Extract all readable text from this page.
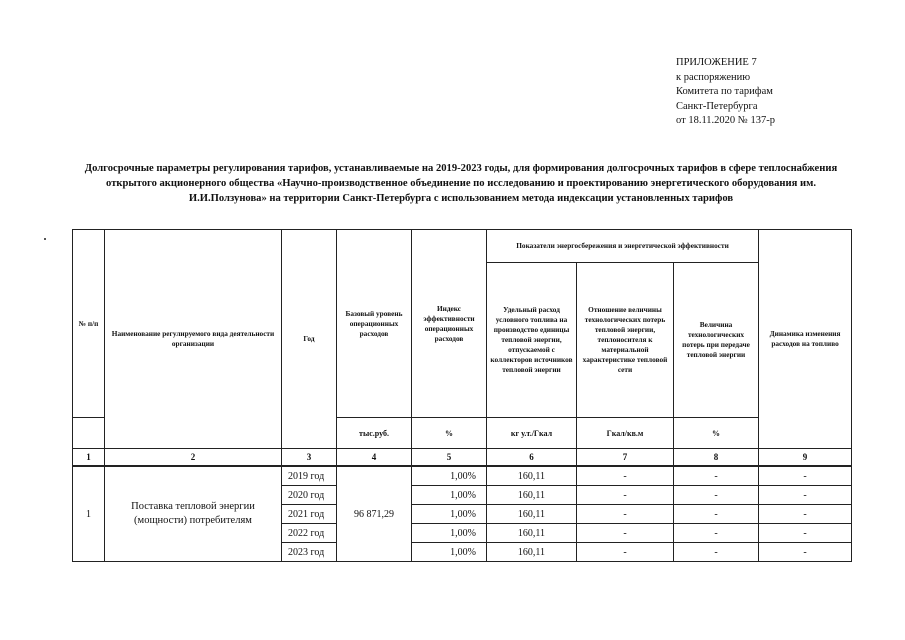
ПРИЛОЖЕНИЕ 7
к распоряжению
Комитета по тарифам
Санкт-Петербурга
от 18.11.2020 № 137-р
Долгосрочные параметры регулирования тарифов, устанавливаемые на 2019-2023 годы, для формирования долгосрочных тарифов в сфере теплоснабжения открытого акционерного общества «Научно-производственное объединение по исследованию и проектированию энергетического оборудования им. И.И.Ползунова» на территории Санкт-Петербурга с использованием метода индексации установленных тарифов
№ п/п	Наименование регулируемого вида деятельности организации	Год	Базовый уровень операционных расходов	Индекс эффективности операционных расходов	Показатели энергосбережения и энергетической эффективности			Динамика изменения расходов на топливо
					Удельный расход условного топлива на производство единицы тепловой энергии, отпускаемой с коллекторов источников тепловой энергии	Отношение величины технологических потерь тепловой энергии, теплоносителя к материальной характеристике тепловой сети	Величина технологических потерь при передаче тепловой энергии	
			тыс.руб.	%	кг у.т./Гкал	Гкал/кв.м	%	
1	2	3	4	5	6	7	8	9
1	Поставка тепловой энергии (мощности) потребителям	2019 год	96 871,29	1,00%	160,11	-	-	-
		2020 год		1,00%	160,11	-	-	-
		2021 год		1,00%	160,11	-	-	-
		2022 год		1,00%	160,11	-	-	-
		2023 год		1,00%	160,11	-	-	-
